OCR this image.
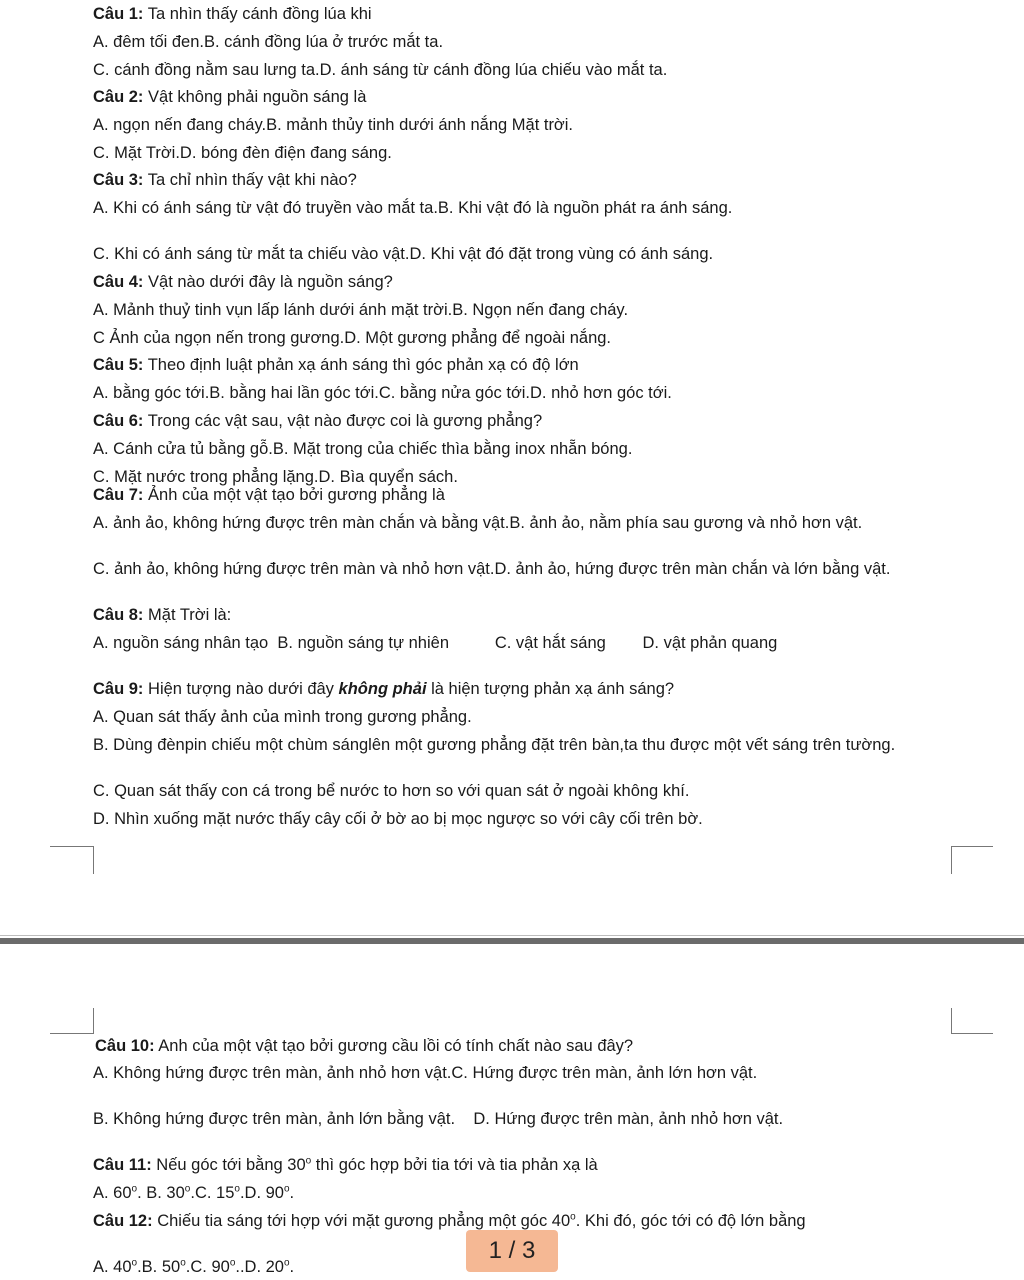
Câu 1: Ta nhìn thấy cánh đồng lúa khi
A. đêm tối đen.B. cánh đồng lúa ở trước mắt ta.
C. cánh đồng nằm sau lưng ta.D. ánh sáng từ cánh đồng lúa chiếu vào mắt ta.
Câu 2: Vật không phải nguồn sáng là
A. ngọn nến đang cháy.B. mảnh thủy tinh dưới ánh nắng Mặt trời.
C. Mặt Trời.D. bóng đèn điện đang sáng.
Câu 3: Ta chỉ nhìn thấy vật khi nào?
A. Khi có ánh sáng từ vật đó truyền vào mắt ta.B. Khi vật đó là nguồn phát ra ánh sáng.
C. Khi có ánh sáng từ mắt ta chiếu vào vật.D. Khi vật đó đặt trong vùng có ánh sáng.
Câu 4: Vật nào dưới đây là nguồn sáng?
A. Mảnh thuỷ tinh vụn lấp lánh dưới ánh mặt trời.B. Ngọn nến đang cháy.
C Ảnh của ngọn nến trong gương.D. Một gương phẳng để ngoài nắng.
Câu 5: Theo định luật phản xạ ánh sáng thì góc phản xạ có độ lớn
A. bằng góc tới.B. bằng hai lần góc tới.C. bằng nửa góc tới.D. nhỏ hơn góc tới.
Câu 6: Trong các vật sau, vật nào được coi là gương phẳng?
A. Cánh cửa tủ bằng gỗ.B. Mặt trong của chiếc thìa bằng inox nhẵn bóng.
C. Mặt nước trong phẳng lặng.D. Bìa quyển sách.
Câu 7: Ảnh của một vật tạo bởi gương phẳng là
A. ảnh ảo, không hứng được trên màn chắn và bằng vật.B. ảnh ảo, nằm phía sau gương và nhỏ hơn vật.
C. ảnh ảo, không hứng được trên màn và nhỏ hơn vật.D. ảnh ảo, hứng được trên màn chắn và lớn bằng vật.
Câu 8: Mặt Trời là:
A. nguồn sáng nhân tạo  B. nguồn sáng tự nhiên          C. vật hắt sáng        D. vật phản quang
Câu 9: Hiện tượng nào dưới đây không phải là hiện tượng phản xạ ánh sáng?
A. Quan sát thấy ảnh của mình trong gương phẳng.
B. Dùng đènpin chiếu một chùm sánglên một gương phẳng đặt trên bàn,ta thu được một vết sáng trên tường.
C. Quan sát thấy con cá trong bể nước to hơn so với quan sát ở ngoài không khí.
D. Nhìn xuống mặt nước thấy cây cối ở bờ ao bị mọc ngược so với cây cối trên bờ.
Câu 10: Anh của một vật tạo bởi gương cầu lồi có tính chất nào sau đây?
A. Không hứng được trên màn, ảnh nhỏ hơn vật.C. Hứng được trên màn, ảnh lớn hơn vật.
B. Không hứng được trên màn, ảnh lớn bằng vật.    D. Hứng được trên màn, ảnh nhỏ hơn vật.
Câu 11: Nếu góc tới bằng 30$^o$ thì góc hợp bởi tia tới và tia phản xạ là
A. 60$^o$. B. 30$^o$.C. 15$^o$.D. 90$^o$.
Câu 12: Chiếu tia sáng tới hợp với mặt gương phẳng một góc 40$^o$. Khi đó, góc tới có độ lớn bằng
A. 40$^o$.B. 50$^o$.C. 90$^o$..D. 20$^o$.
1 / 3
